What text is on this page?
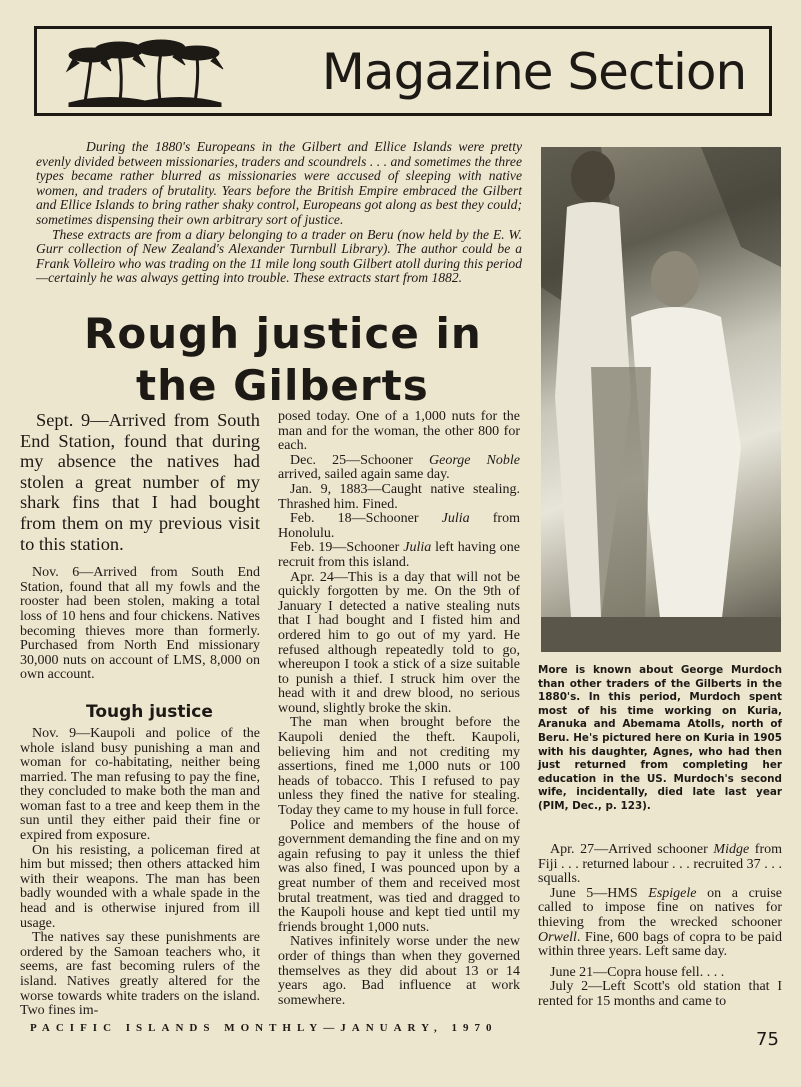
Magazine Section

During the 1880's Europeans in the Gilbert and Ellice Islands were pretty evenly divided between missionaries, traders and scoundrels . . . and sometimes the three types became rather blurred as missionaries were accused of sleeping with native women, and traders of brutality. Years before the British Empire embraced the Gilbert and Ellice Islands to bring rather shaky control, Europeans got along as best they could; sometimes dispensing their own arbitrary sort of justice.

These extracts are from a diary belonging to a trader on Beru (now held by the E. W. Gurr collection of New Zealand's Alexander Turnbull Library). The author could be a Frank Volleiro who was trading on the 11 mile long south Gilbert atoll during this period—certainly he was always getting into trouble. These extracts start from 1882.

Rough justice in
the Gilberts

Sept. 9—Arrived from South End Station, found that during my absence the natives had stolen a great number of my shark fins that I had bought from them on my previous visit to this station.

Nov. 6—Arrived from South End Station, found that all my fowls and the rooster had been stolen, making a total loss of 10 hens and four chickens. Natives becoming thieves more than formerly. Purchased from North End missionary 30,000 nuts on account of LMS, 8,000 on own account.

Tough justice

Nov. 9—Kaupoli and police of the whole island busy punishing a man and woman for co-habitating, neither being married. The man refusing to pay the fine, they concluded to make both the man and woman fast to a tree and keep them in the sun until they either paid their fine or expired from exposure.

On his resisting, a policeman fired at him but missed; then others attacked him with their weapons. The man has been badly wounded with a whale spade in the head and is otherwise injured from ill usage.

The natives say these punishments are ordered by the Samoan teachers who, it seems, are fast becoming rulers of the island. Natives greatly altered for the worse towards white traders on the island. Two fines im-

posed today. One of a 1,000 nuts for the man and for the woman, the other 800 for each.

Dec. 25—Schooner George Noble arrived, sailed again same day.

Jan. 9, 1883—Caught native stealing. Thrashed him. Fined.

Feb. 18—Schooner Julia from Honolulu.

Feb. 19—Schooner Julia left having one recruit from this island.

Apr. 24—This is a day that will not be quickly forgotten by me. On the 9th of January I detected a native stealing nuts that I had bought and I fisted him and ordered him to go out of my yard. He refused although repeatedly told to go, whereupon I took a stick of a size suitable to punish a thief. I struck him over the head with it and drew blood, no serious wound, slightly broke the skin.

The man when brought before the Kaupoli denied the theft. Kaupoli, believing him and not crediting my assertions, fined me 1,000 nuts or 100 heads of tobacco. This I refused to pay unless they fined the native for stealing. Today they came to my house in full force.

Police and members of the house of government demanding the fine and on my again refusing to pay it unless the thief was also fined, I was pounced upon by a great number of them and received most brutal treatment, was tied and dragged to the Kaupoli house and kept tied until my friends brought 1,000 nuts.

Natives infinitely worse under the new order of things than when they governed themselves as they did about 13 or 14 years ago. Bad influence at work somewhere.

More is known about George Murdoch than other traders of the Gilberts in the 1880's. In this period, Murdoch spent most of his time working on Kuria, Aranuka and Abemama Atolls, north of Beru. He's pictured here on Kuria in 1905 with his daughter, Agnes, who had then just returned from completing her education in the US. Murdoch's second wife, incidentally, died late last year (PIM, Dec., p. 123).

Apr. 27—Arrived schooner Midge from Fiji . . . returned labour . . . recruited 37 . . . squalls.

June 5—HMS Espigele on a cruise called to impose fine on natives for thieving from the wrecked schooner Orwell. Fine, 600 bags of copra to be paid within three years. Left same day.

June 21—Copra house fell. . . .

July 2—Left Scott's old station that I rented for 15 months and came to

PACIFIC ISLANDS MONTHLY—JANUARY, 1970
75
